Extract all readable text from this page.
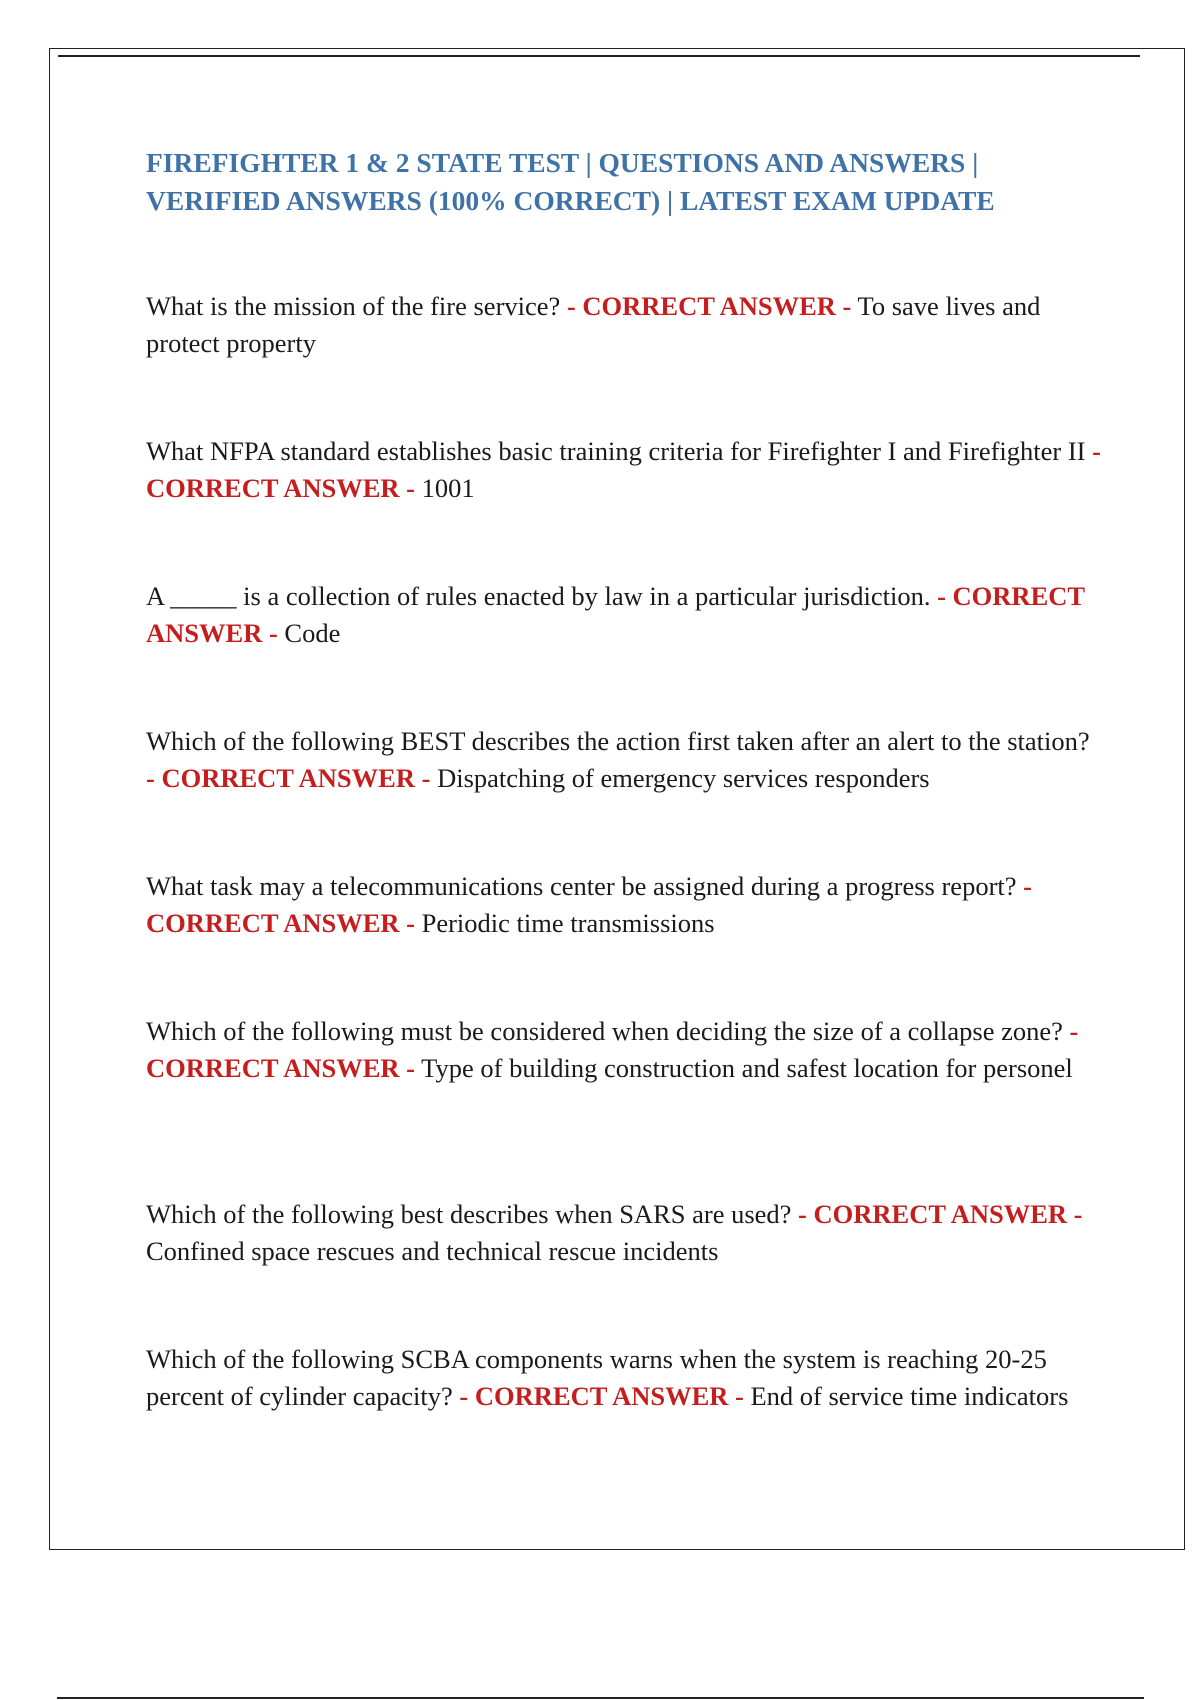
FIREFIGHTER 1 & 2 STATE TEST | QUESTIONS AND ANSWERS | VERIFIED ANSWERS (100% CORRECT) | LATEST EXAM UPDATE

What is the mission of the fire service? - CORRECT ANSWER - To save lives and protect property

What NFPA standard establishes basic training criteria for Firefighter I and Firefighter II - CORRECT ANSWER - 1001

A _____ is a collection of rules enacted by law in a particular jurisdiction. - CORRECT ANSWER - Code

Which of the following BEST describes the action first taken after an alert to the station? - CORRECT ANSWER - Dispatching of emergency services responders

What task may a telecommunications center be assigned during a progress report? - CORRECT ANSWER - Periodic time transmissions

Which of the following must be considered when deciding the size of a collapse zone? - CORRECT ANSWER - Type of building construction and safest location for personel

Which of the following best describes when SARS are used? - CORRECT ANSWER - Confined space rescues and technical rescue incidents

Which of the following SCBA components warns when the system is reaching 20-25 percent of cylinder capacity? - CORRECT ANSWER - End of service time indicators
